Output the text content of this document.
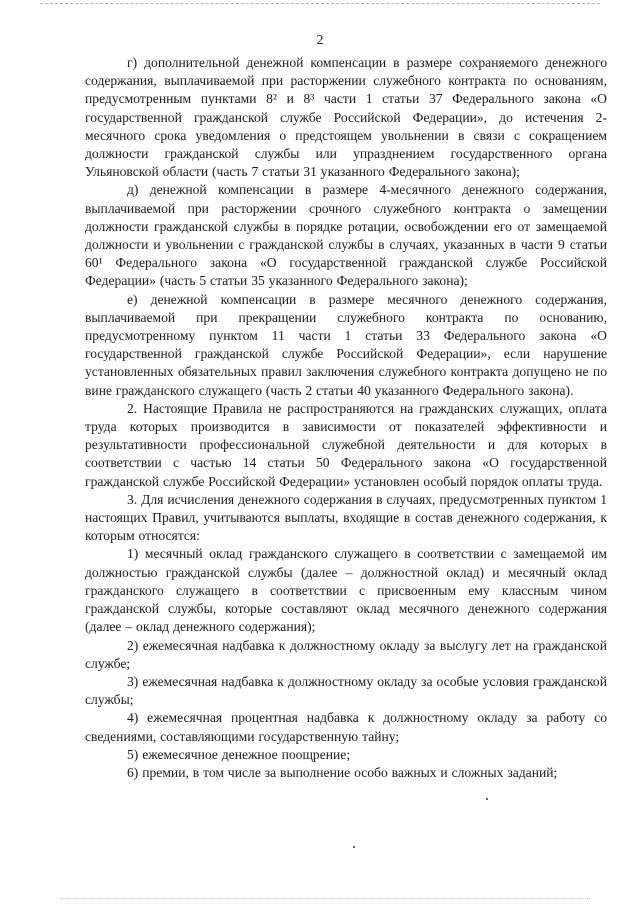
2

г) дополнительной денежной компенсации в размере сохраняемого денежного содержания, выплачиваемой при расторжении служебного контракта по основаниям, предусмотренным пунктами 8² и 8³ части 1 статьи 37 Федерального закона «О государственной гражданской службе Российской Федерации», до истечения 2-месячного срока уведомления о предстоящем увольнении в связи с сокращением должности гражданской службы или упразднением государственного органа Ульяновской области (часть 7 статьи 31 указанного Федерального закона);

д) денежной компенсации в размере 4-месячного денежного содержания, выплачиваемой при расторжении срочного служебного контракта о замещении должности гражданской службы в порядке ротации, освобождении его от замещаемой должности и увольнении с гражданской службы в случаях, указанных в части 9 статьи 60¹ Федерального закона «О государственной гражданской службе Российской Федерации» (часть 5 статьи 35 указанного Федерального закона);

е) денежной компенсации в размере месячного денежного содержания, выплачиваемой при прекращении служебного контракта по основанию, предусмотренному пунктом 11 части 1 статьи 33 Федерального закона «О государственной гражданской службе Российской Федерации», если нарушение установленных обязательных правил заключения служебного контракта допущено не по вине гражданского служащего (часть 2 статьи 40 указанного Федерального закона).

2. Настоящие Правила не распространяются на гражданских служащих, оплата труда которых производится в зависимости от показателей эффективности и результативности профессиональной служебной деятельности и для которых в соответствии с частью 14 статьи 50 Федерального закона «О государственной гражданской службе Российской Федерации» установлен особый порядок оплаты труда.

3. Для исчисления денежного содержания в случаях, предусмотренных пунктом 1 настоящих Правил, учитываются выплаты, входящие в состав денежного содержания, к которым относятся:

1) месячный оклад гражданского служащего в соответствии с замещаемой им должностью гражданской службы (далее – должностной оклад) и месячный оклад гражданского служащего в соответствии с присвоенным ему классным чином гражданской службы, которые составляют оклад месячного денежного содержания (далее – оклад денежного содержания);

2) ежемесячная надбавка к должностному окладу за выслугу лет на гражданской службе;

3) ежемесячная надбавка к должностному окладу за особые условия гражданской службы;

4) ежемесячная процентная надбавка к должностному окладу за работу со сведениями, составляющими государственную тайну;

5) ежемесячное денежное поощрение;

6) премии, в том числе за выполнение особо важных и сложных заданий;
